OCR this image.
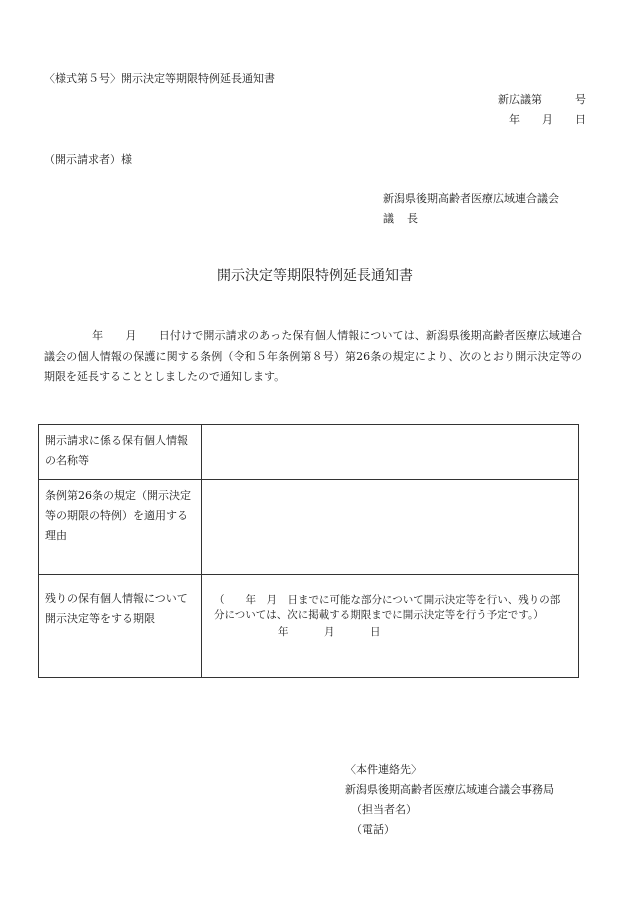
〈様式第５号〉開示決定等期限特例延長通知書
新広議第　　　号
年 月 日
（開示請求者）様
新潟県後期高齢者医療広域連合議会
議　長
開示決定等期限特例延長通知書
年 月 日付けで開示請求のあった保有個人情報については、新潟県後期高齢者医療広域連合議会の個人情報の保護に関する条例（令和５年条例第８号）第26条の規定により、次のとおり開示決定等の期限を延長することとしましたので通知します。
開示請求に係る保有個人情報の名称等	
条例第26条の規定（開示決定等の期限の特例）を適用する理由	
残りの保有個人情報について開示決定等をする期限	（　　年　月　日までに可能な部分について開示決定等を行い、残りの部
分については、次に掲載する期限までに開示決定等を行う予定です。）
年 月 日
〈本件連絡先〉
新潟県後期高齢者医療広域連合議会事務局
（担当者名）
（電話）
